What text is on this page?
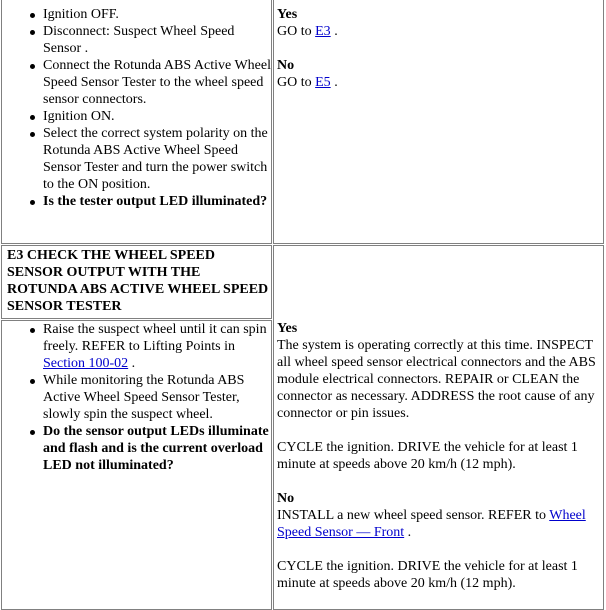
Ignition OFF.
Disconnect: Suspect Wheel Speed Sensor .
Connect the Rotunda ABS Active Wheel Speed Sensor Tester to the wheel speed sensor connectors.
Ignition ON.
Select the correct system polarity on the Rotunda ABS Active Wheel Speed Sensor Tester and turn the power switch to the ON position.
Is the tester output LED illuminated?

Yes

GO to E3 .

No

GO to E5 .

E3 CHECK THE WHEEL SPEED SENSOR OUTPUT WITH THE ROTUNDA ABS ACTIVE WHEEL SPEED SENSOR TESTER
Raise the suspect wheel until it can spin freely. REFER to Lifting Points in Section 100-02 .
While monitoring the Rotunda ABS Active Wheel Speed Sensor Tester, slowly spin the suspect wheel.
Do the sensor output LEDs illuminate and flash and is the current overload LED not illuminated?

Yes

The system is operating correctly at this time. INSPECT all wheel speed sensor electrical connectors and the ABS module electrical connectors. REPAIR or CLEAN the connector as necessary. ADDRESS the root cause of any connector or pin issues.

CYCLE the ignition. DRIVE the vehicle for at least 1 minute at speeds above 20 km/h (12 mph).

No

INSTALL a new wheel speed sensor. REFER to Wheel Speed Sensor — Front .

CYCLE the ignition. DRIVE the vehicle for at least 1 minute at speeds above 20 km/h (12 mph).
